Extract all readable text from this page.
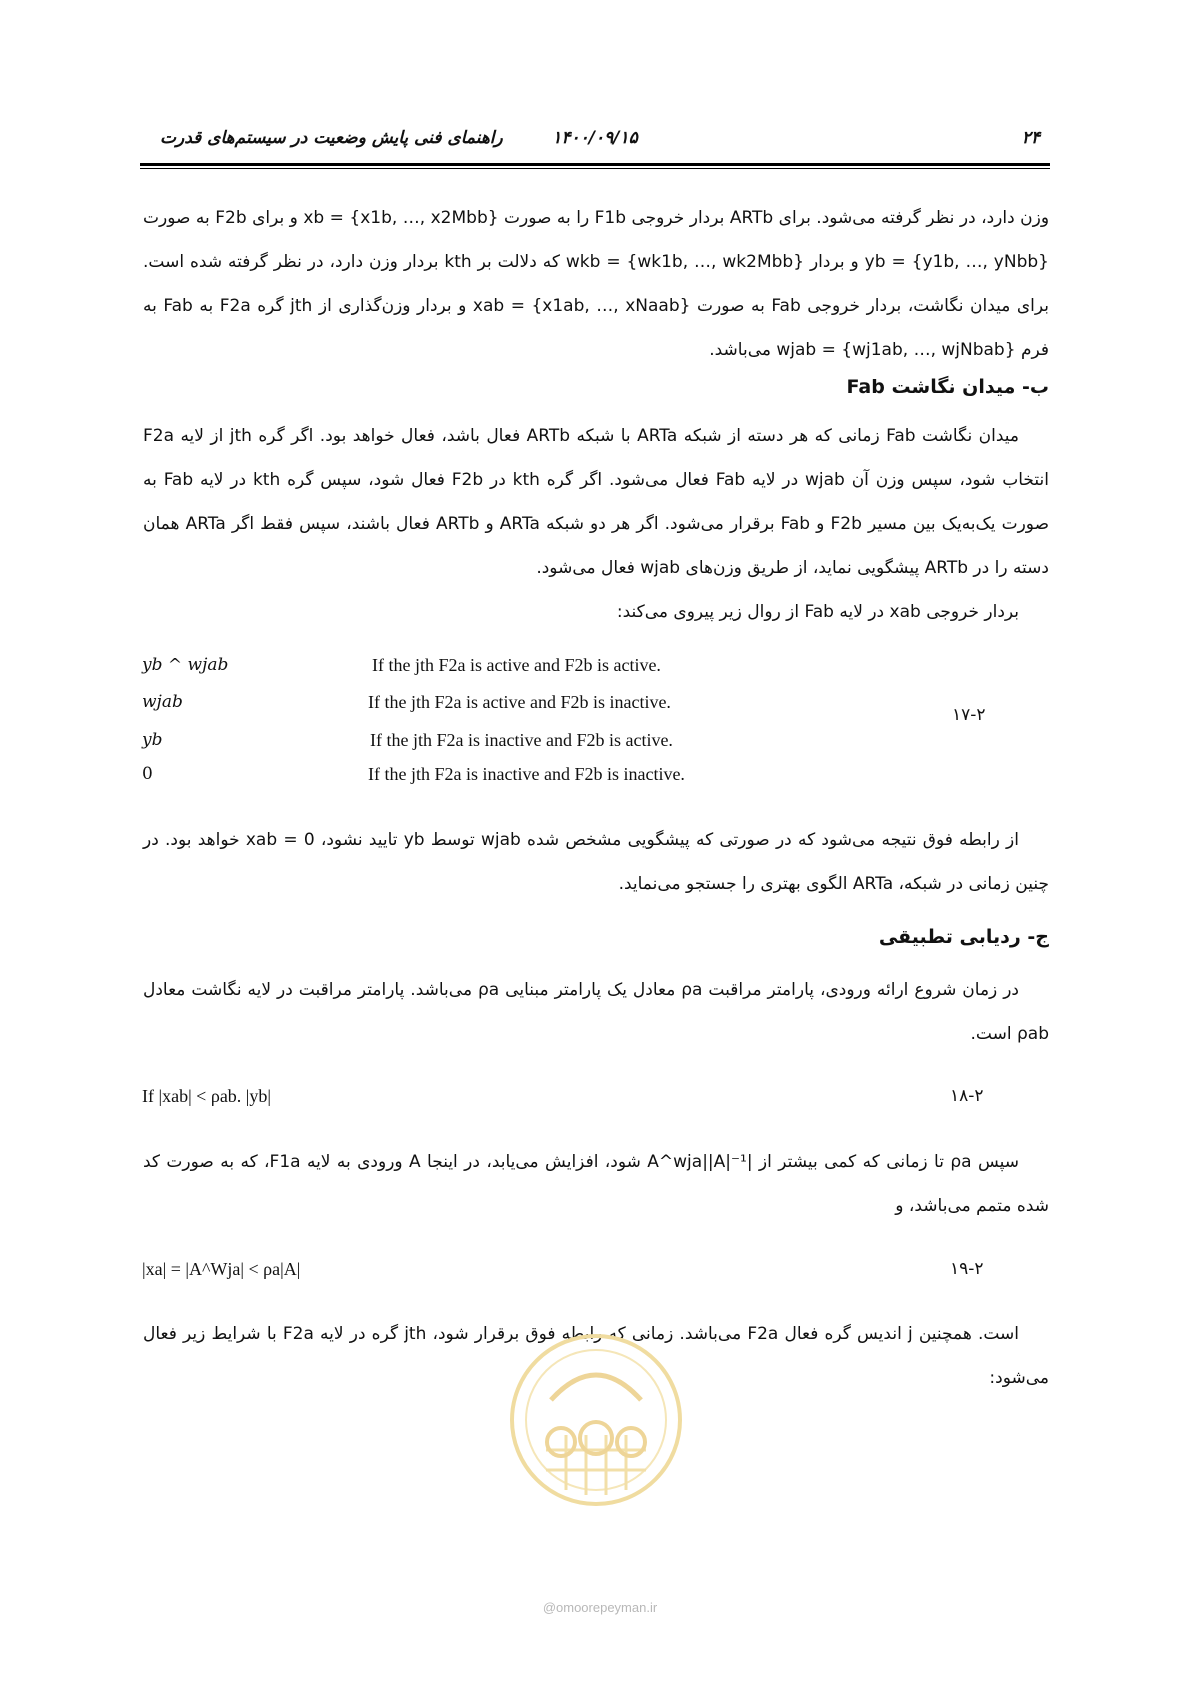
۲۴
۱۴۰۰/۰۹/۱۵
راهنمای فنی پایش وضعیت در سیستم‌های قدرت

وزن دارد، در نظر گرفته می‌شود. برای ARTb بردار خروجی F1b را به صورت {x1b, …, x2Mbb} = xb و برای F2b به صورت {y1b, …, yNbb} = yb و بردار {wk1b, …, wk2Mbb} = wkb که دلالت بر kth بردار وزن دارد، در نظر گرفته شده است. برای میدان نگاشت، بردار خروجی Fab به صورت {x1ab, …, xNaab} = xab و بردار وزن‌گذاری از jth گره F2a به Fab به فرم {wj1ab, …, wjNbab} = wjab می‌باشد.

ب- میدان نگاشت Fab

میدان نگاشت Fab زمانی که هر دسته از شبکه ARTa با شبکه ARTb فعال باشد، فعال خواهد بود. اگر گره jth از لایه F2a انتخاب شود، سپس وزن آن wjab در لایه Fab فعال می‌شود. اگر گره kth در F2b فعال شود، سپس گره kth در لایه Fab به صورت یک‌به‌یک بین مسیر F2b و Fab برقرار می‌شود. اگر هر دو شبکه ARTa و ARTb فعال باشند، سپس فقط اگر ARTa همان دسته را در ARTb پیشگویی نماید، از طریق وزن‌های wjab فعال می‌شود.

بردار خروجی xab در لایه Fab از روال زیر پیروی می‌کند:

yb ^ wjab	If the jth F2a is active and F2b is active.
wjab	If the jth F2a is active and F2b is inactive.
yb	If the jth F2a is inactive and F2b is active.
0	If the jth F2a is inactive and F2b is inactive.
۱۷-۲

از رابطه فوق نتیجه می‌شود که در صورتی که پیشگویی مشخص شده wjab توسط yb تایید نشود، xab = 0 خواهد بود. در چنین زمانی در شبکه، ARTa الگوی بهتری را جستجو می‌نماید.

ج- ردیابی تطبیقی

در زمان شروع ارائه ورودی، پارامتر مراقبت ρa معادل یک پارامتر مبنایی ρa می‌باشد. پارامتر مراقبت در لایه نگاشت معادل ρab است.

If |xab| < ρab. |yb|	۱۸-۲

سپس ρa تا زمانی که کمی بیشتر از |A^wja||A|⁻¹ شود، افزایش می‌یابد، در اینجا A ورودی به لایه F1a، که به صورت کد شده متمم می‌باشد، و

|xa| = |A^Wja| < ρa|A|	۱۹-۲

است. همچنین j اندیس گره فعال F2a می‌باشد. زمانی که رابطه فوق برقرار شود، jth گره در لایه F2a با شرایط زیر فعال می‌شود:

@omoorepeyman.ir
